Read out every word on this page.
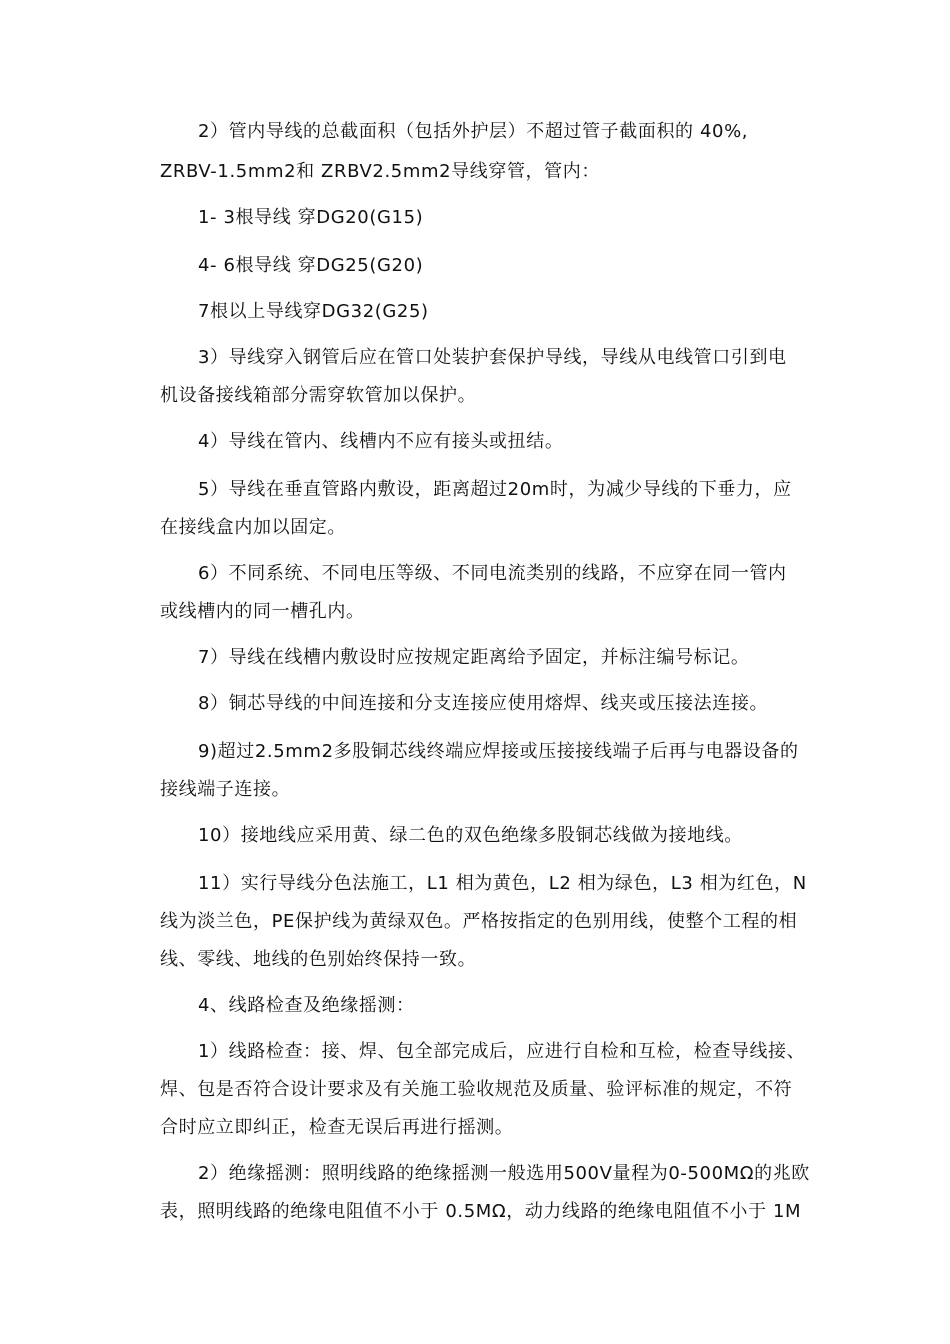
2）管内导线的总截面积（包括外护层）不超过管子截面积的 40%,
ZRBV-1.5mm2和 ZRBV2.5mm2导线穿管，管内：
1- 3根导线 穿DG20(G15)
4- 6根导线 穿DG25(G20)
7根以上导线穿DG32(G25)
3）导线穿入钢管后应在管口处装护套保护导线，导线从电线管口引到电
机设备接线箱部分需穿软管加以保护。
4）导线在管内、线槽内不应有接头或扭结。
5）导线在垂直管路内敷设，距离超过20m时，为减少导线的下垂力，应
在接线盒内加以固定。
6）不同系统、不同电压等级、不同电流类别的线路，不应穿在同一管内
或线槽内的同一槽孔内。
7）导线在线槽内敷设时应按规定距离给予固定，并标注编号标记。
8）铜芯导线的中间连接和分支连接应使用熔焊、线夹或压接法连接。
9)超过2.5mm2多股铜芯线终端应焊接或压接接线端子后再与电器设备的
接线端子连接。
10）接地线应采用黄、绿二色的双色绝缘多股铜芯线做为接地线。
11）实行导线分色法施工，L1 相为黄色，L2 相为绿色，L3 相为红色，N
线为淡兰色，PE保护线为黄绿双色。严格按指定的色别用线，使整个工程的相
线、零线、地线的色别始终保持一致。
4、线路检查及绝缘摇测：
1）线路检查：接、焊、包全部完成后，应进行自检和互检，检查导线接、
焊、包是否符合设计要求及有关施工验收规范及质量、验评标准的规定，不符
合时应立即纠正，检查无误后再进行摇测。
2）绝缘摇测：照明线路的绝缘摇测一般选用500V量程为0-500MΩ的兆欧
表，照明线路的绝缘电阻值不小于 0.5MΩ，动力线路的绝缘电阻值不小于 1M
